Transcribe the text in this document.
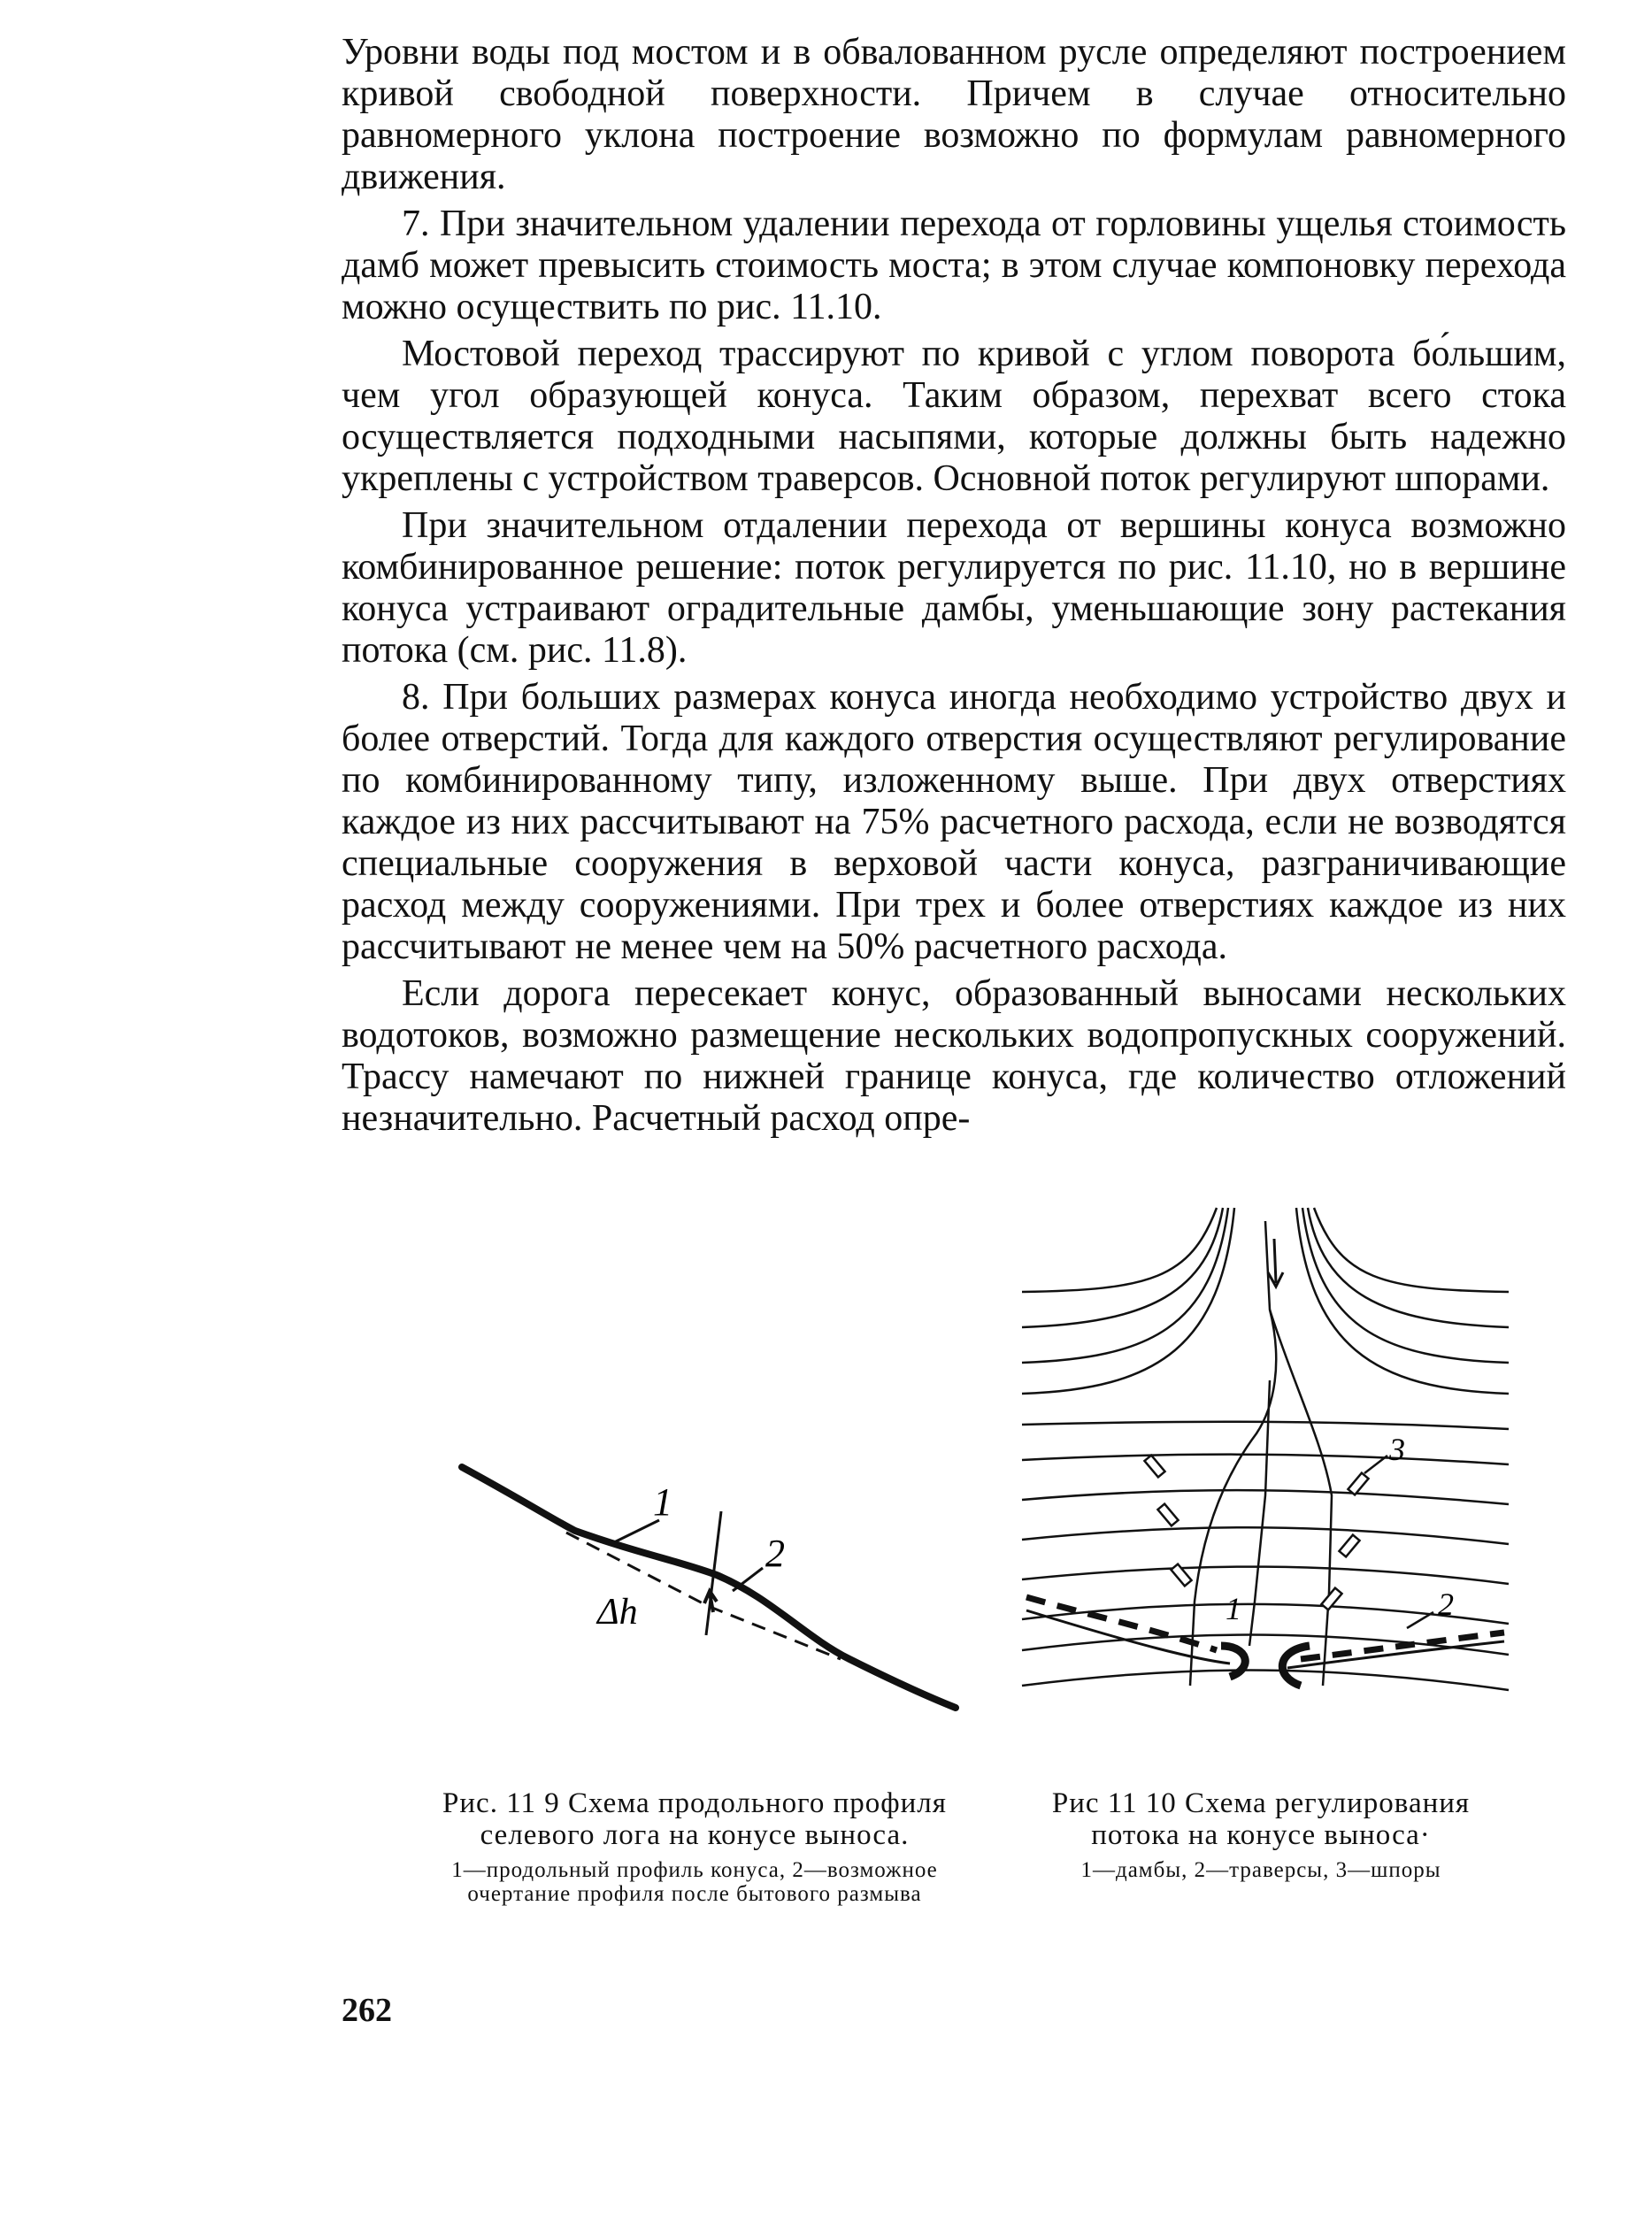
Уровни воды под мостом и в обвалованном русле определяют построением кривой свободной поверхности. Причем в случае относительно равномерного уклона построение возможно по формулам равномерного движения.

7. При значительном удалении перехода от горловины ущелья стоимость дамб может превысить стоимость моста; в этом случае компоновку перехода можно осуществить по рис. 11.10.

Мостовой переход трассируют по кривой с углом поворота бо́льшим, чем угол образующей конуса. Таким образом, перехват всего стока осуществляется подходными насыпями, которые должны быть надежно укреплены с устройством траверсов. Основной поток регулируют шпорами.

При значительном отдалении перехода от вершины конуса возможно комбинированное решение: поток регулируется по рис. 11.10, но в вершине конуса устраивают оградительные дамбы, уменьшающие зону растекания потока (см. рис. 11.8).

8. При больших размерах конуса иногда необходимо устройство двух и более отверстий. Тогда для каждого отверстия осуществляют регулирование по комбинированному типу, изложенному выше. При двух отверстиях каждое из них рассчитывают на 75% расчетного расхода, если не возводятся специальные сооружения в верховой части конуса, разграничивающие расход между сооружениями. При трех и более отверстиях каждое из них рассчитывают не менее чем на 50% расчетного расхода.

Если дорога пересекает конус, образованный выносами нескольких водотоков, возможно размещение нескольких водопропускных сооружений. Трассу намечают по нижней границе конуса, где количество отложений незначительно. Расчетный расход опре-

1
2
Δh
Рис. 11 9 Схема продольного профиля селевого лога на конусе выноса.
1—продольный профиль конуса, 2—возможное очертание профиля после бытового размыва
1	2
3
Рис 11 10 Схема регулирования потока на конусе выноса·
1—дамбы, 2—траверсы, 3—шпоры
262
